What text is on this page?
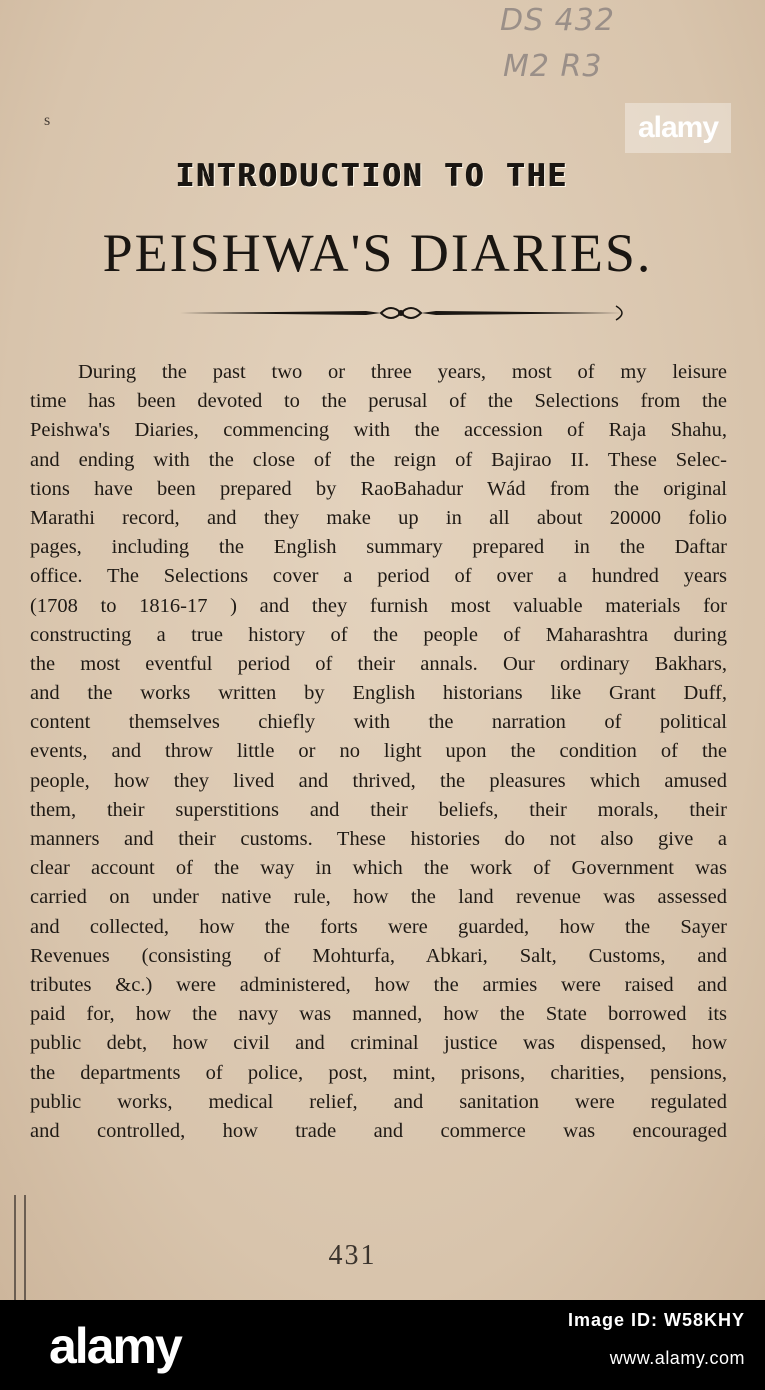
DS 432
M2 R3
s	alamy
INTRODUCTION TO THE
PEISHWA'S DIARIES.
During the past two or three years, most of my leisure
time has been devoted to the perusal of the Selections from the
Peishwa's Diaries, commencing with the accession of Raja Shahu,
and ending with the close of the reign of Bajirao II. These Selec-
tions have been prepared by RaoBahadur Wád from the original
Marathi record, and they make up in all about 20000 folio
pages, including the English summary prepared in the Daftar
office. The Selections cover a period of over a hundred years
(1708 to 1816-17 ) and they furnish most valuable materials for
constructing a true history of the people of Maharashtra during
the most eventful period of their annals. Our ordinary Bakhars,
and the works written by English historians like Grant Duff,
content themselves chiefly with the narration of political
events, and throw little or no light upon the condition of the
people, how they lived and thrived, the pleasures which amused
them, their superstitions and their beliefs, their morals, their
manners and their customs. These histories do not also give a
clear account of the way in which the work of Government was
carried on under native rule, how the land revenue was assessed
and collected, how the forts were guarded, how the Sayer
Revenues (consisting of Mohturfa, Abkari, Salt, Customs, and
tributes &c.) were administered, how the armies were raised and
paid for, how the navy was manned, how the State borrowed its
public debt, how civil and criminal justice was dispensed, how
the departments of police, post, mint, prisons, charities, pensions,
public works, medical relief, and sanitation were regulated
and controlled, how trade and commerce was encouraged
431
alamy	Image ID: W58KHY
www.alamy.com
